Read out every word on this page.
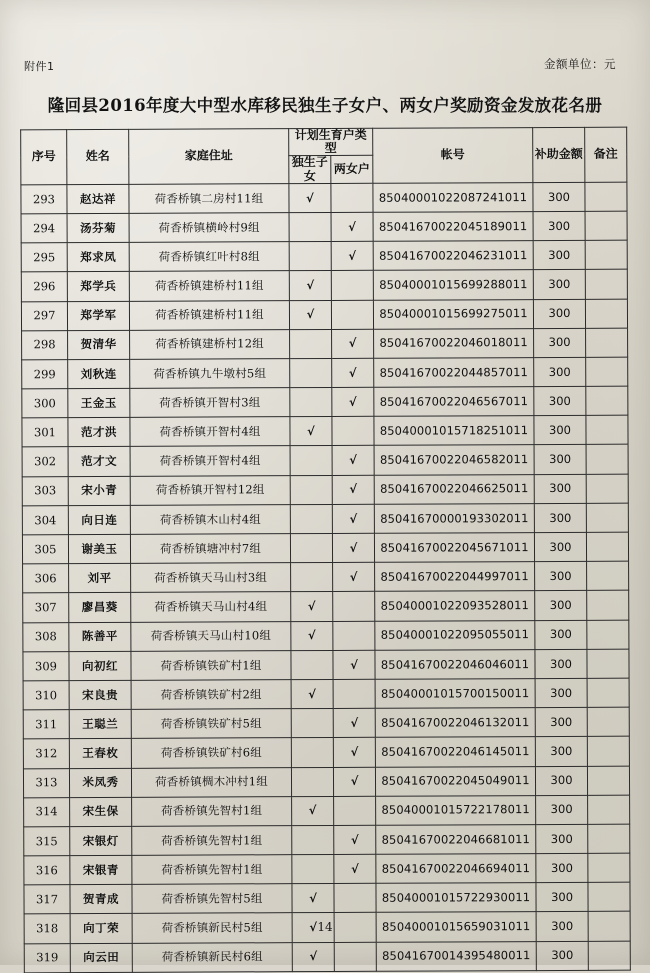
附件1	金额单位：元
隆回县2016年度大中型水库移民独生子女户、两女户奖励资金发放花名册
序号	姓名	家庭住址	计划生育户类型		帐号	补助金额	备注
			独生子女	两女户			
293	赵达祥	荷香桥镇二房村11组	√		85040001022087241011	300	
294	汤芬菊	荷香桥镇横岭村9组		√	85041670022045189011	300	
295	郑求凤	荷香桥镇红叶村8组		√	85041670022046231011	300	
296	郑学兵	荷香桥镇建桥村11组	√		85040001015699288011	300	
297	郑学军	荷香桥镇建桥村11组	√		85040001015699275011	300	
298	贺清华	荷香桥镇建桥村12组		√	85041670022046018011	300	
299	刘秋连	荷香桥镇九牛墩村5组		√	85041670022044857011	300	
300	王金玉	荷香桥镇开智村3组		√	85041670022046567011	300	
301	范才洪	荷香桥镇开智村4组	√		85040001015718251011	300	
302	范才文	荷香桥镇开智村4组		√	85041670022046582011	300	
303	宋小青	荷香桥镇开智村12组		√	85041670022046625011	300	
304	向日连	荷香桥镇木山村4组		√	85041670000193302011	300	
305	谢美玉	荷香桥镇塘冲村7组		√	85041670022045671011	300	
306	刘平	荷香桥镇天马山村3组		√	85041670022044997011	300	
307	廖昌葵	荷香桥镇天马山村4组	√		85040001022093528011	300	
308	陈善平	荷香桥镇天马山村10组	√		85040001022095055011	300	
309	向初红	荷香桥镇铁矿村1组		√	85041670022046046011	300	
310	宋良贵	荷香桥镇铁矿村2组	√		85040001015700150011	300	
311	王聪兰	荷香桥镇铁矿村5组		√	85041670022046132011	300	
312	王春枚	荷香桥镇铁矿村6组		√	85041670022046145011	300	
313	米凤秀	荷香桥镇椆木冲村1组		√	85041670022045049011	300	
314	宋生保	荷香桥镇先智村1组	√		85040001015722178011	300	
315	宋银灯	荷香桥镇先智村1组		√	85041670022046681011	300	
316	宋银青	荷香桥镇先智村1组		√	85041670022046694011	300	
317	贺青成	荷香桥镇先智村5组	√		85040001015722930011	300	
318	向丁荣	荷香桥镇新民村5组	√		85040001015659031011	300	
319	向云田	荷香桥镇新民村6组	√		85041670014395480011	300	
14
